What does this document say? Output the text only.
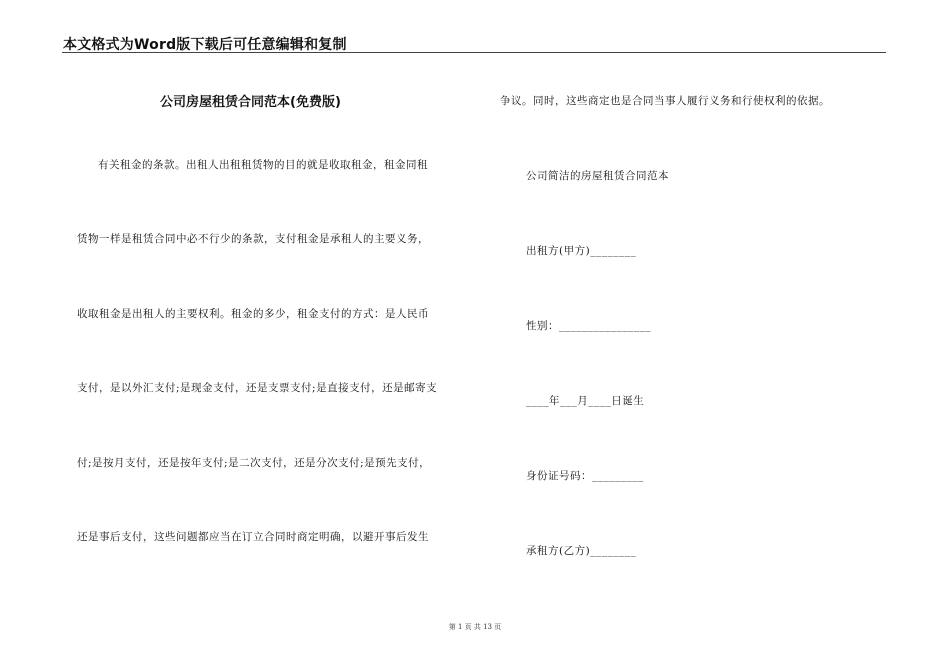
本文格式为Word版下载后可任意编辑和复制
公司房屋租赁合同范本(免费版)
有关租金的条款。出租人出租租赁物的目的就是收取租金，租金同租
赁物一样是租赁合同中必不行少的条款，支付租金是承租人的主要义务，
收取租金是出租人的主要权利。租金的多少，租金支付的方式：是人民币
支付，是以外汇支付;是现金支付，还是支票支付;是直接支付，还是邮寄支
付;是按月支付，还是按年支付;是二次支付，还是分次支付;是预先支付，
还是事后支付，这些问题都应当在订立合同时商定明确，以避开事后发生
争议。同时，这些商定也是合同当事人履行义务和行使权利的依据。
公司简洁的房屋租赁合同范本
出租方(甲方)________
性别：________________
____年___月____日诞生
身份证号码：_________
承租方(乙方)________
第 1 页 共 13 页
